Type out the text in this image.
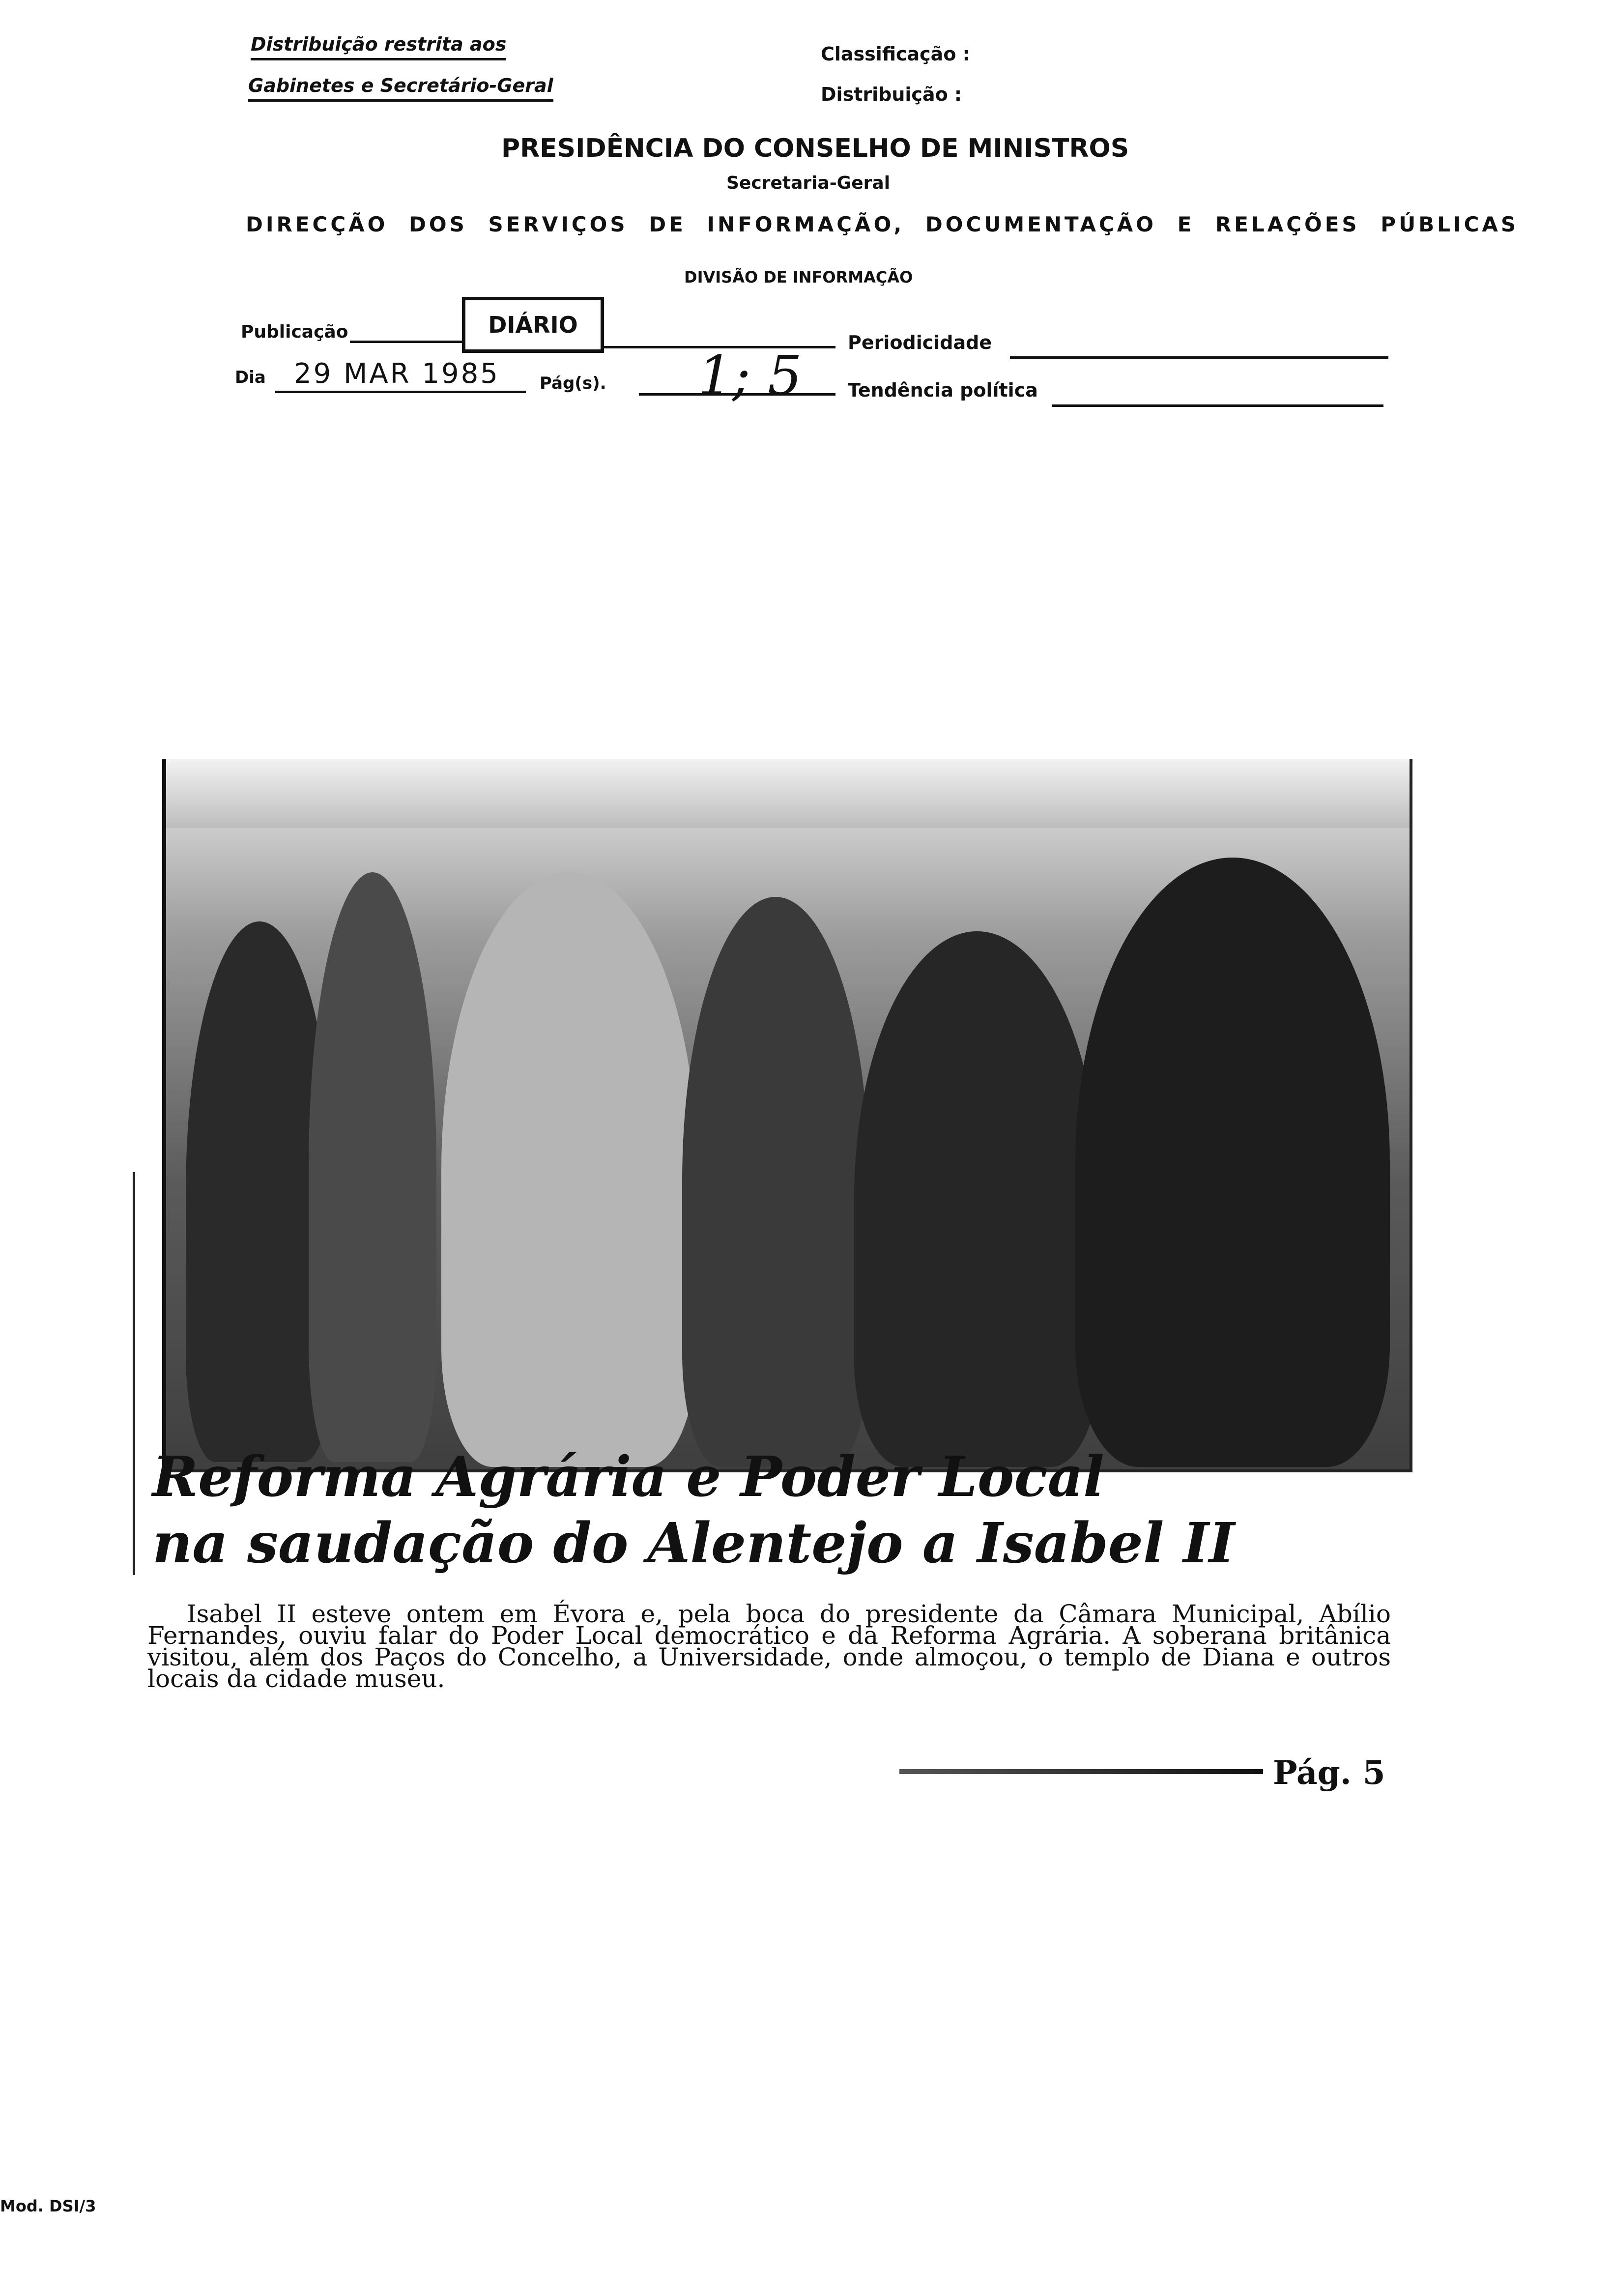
Distribuição restrita aos
Gabinetes e Secretário-Geral
Classificação :
Distribuição :
PRESIDÊNCIA DO CONSELHO DE MINISTROS
Secretaria-Geral
DIRECÇÃO DOS SERVIÇOS DE INFORMAÇÃO, DOCUMENTAÇÃO E RELAÇÕES PÚBLICAS
DIVISÃO DE INFORMAÇÃO
Publicação	DIÁRIO
Periodicidade
Dia 29 MAR 1985 Pág(s). 1; 5 Tendência política
Reforma Agrária e Poder Local
na saudação do Alentejo a Isabel II
Isabel II esteve ontem em Évora e, pela boca do presidente da Câmara Municipal, Abílio Fernandes, ouviu falar do Poder Local democrático e da Reforma Agrária. A soberana britânica visitou, além dos Paços do Concelho, a Universidade, onde almoçou, o templo de Diana e outros locais da cidade museu.
Pág. 5
Mod. DSI/3
